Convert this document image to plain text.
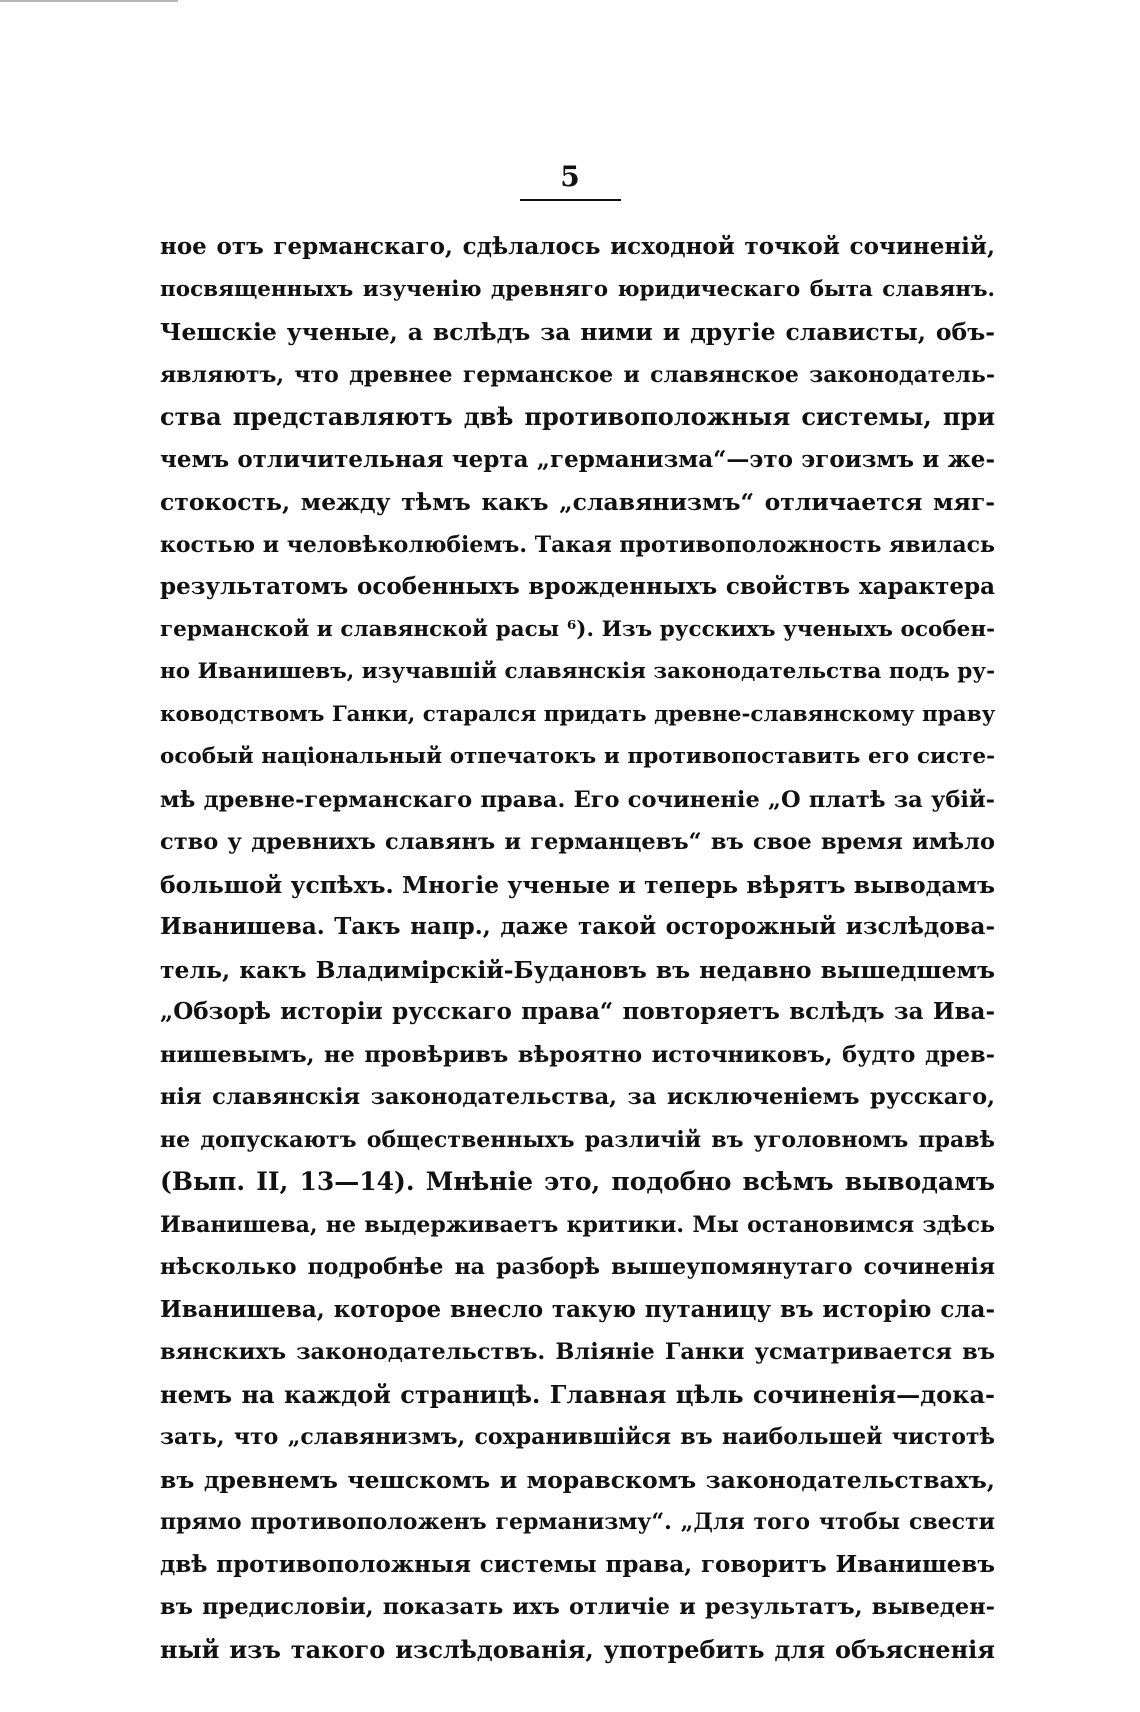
5
ное отъ германскаго, сдѣлалось исходной точкой сочиненій,
посвященныхъ изученію древняго юридическаго быта славянъ.
Чешскіе ученые, а вслѣдъ за ними и другіе слависты, объ-
являютъ, что древнее германское и славянское законодатель-
ства представляютъ двѣ противоположныя системы, при
чемъ отличительная черта „германизма“—это эгоизмъ и же-
стокость, между тѣмъ какъ „славянизмъ“ отличается мяг-
костью и человѣколюбіемъ. Такая противоположность явилась
результатомъ особенныхъ врожденныхъ свойствъ характера
германской и славянской расы ⁶). Изъ русскихъ ученыхъ особен-
но Иванишевъ, изучавшій славянскія законодательства подъ ру-
ководствомъ Ганки, старался придать древне-славянскому праву
особый національный отпечатокъ и противопоставить его систе-
мѣ древне-германскаго права. Его сочиненіе „О платѣ за убій-
ство у древнихъ славянъ и германцевъ“ въ свое время имѣло
большой успѣхъ. Многіе ученые и теперь вѣрятъ выводамъ
Иванишева. Такъ напр., даже такой осторожный изслѣдова-
тель, какъ Владимірскій-Будановъ въ недавно вышедшемъ
„Обзорѣ исторіи русскаго права“ повторяетъ вслѣдъ за Ива-
нишевымъ, не провѣривъ вѣроятно источниковъ, будто древ-
нія славянскія законодательства, за исключеніемъ русскаго,
не допускаютъ общественныхъ различій въ уголовномъ правѣ
(Вып. II, 13—14). Мнѣніе это, подобно всѣмъ выводамъ
Иванишева, не выдерживаетъ критики. Мы остановимся здѣсь
нѣсколько подробнѣе на разборѣ вышеупомянутаго сочиненія
Иванишева, которое внесло такую путаницу въ исторію сла-
вянскихъ законодательствъ. Вліяніе Ганки усматривается въ
немъ на каждой страницѣ. Главная цѣль сочиненія—дока-
зать, что „славянизмъ, сохранившійся въ наибольшей чистотѣ
въ древнемъ чешскомъ и моравскомъ законодательствахъ,
прямо противоположенъ германизму“. „Для того чтобы свести
двѣ противоположныя системы права, говоритъ Иванишевъ
въ предисловіи, показать ихъ отличіе и результатъ, выведен-
ный изъ такого изслѣдованія, употребить для объясненія
